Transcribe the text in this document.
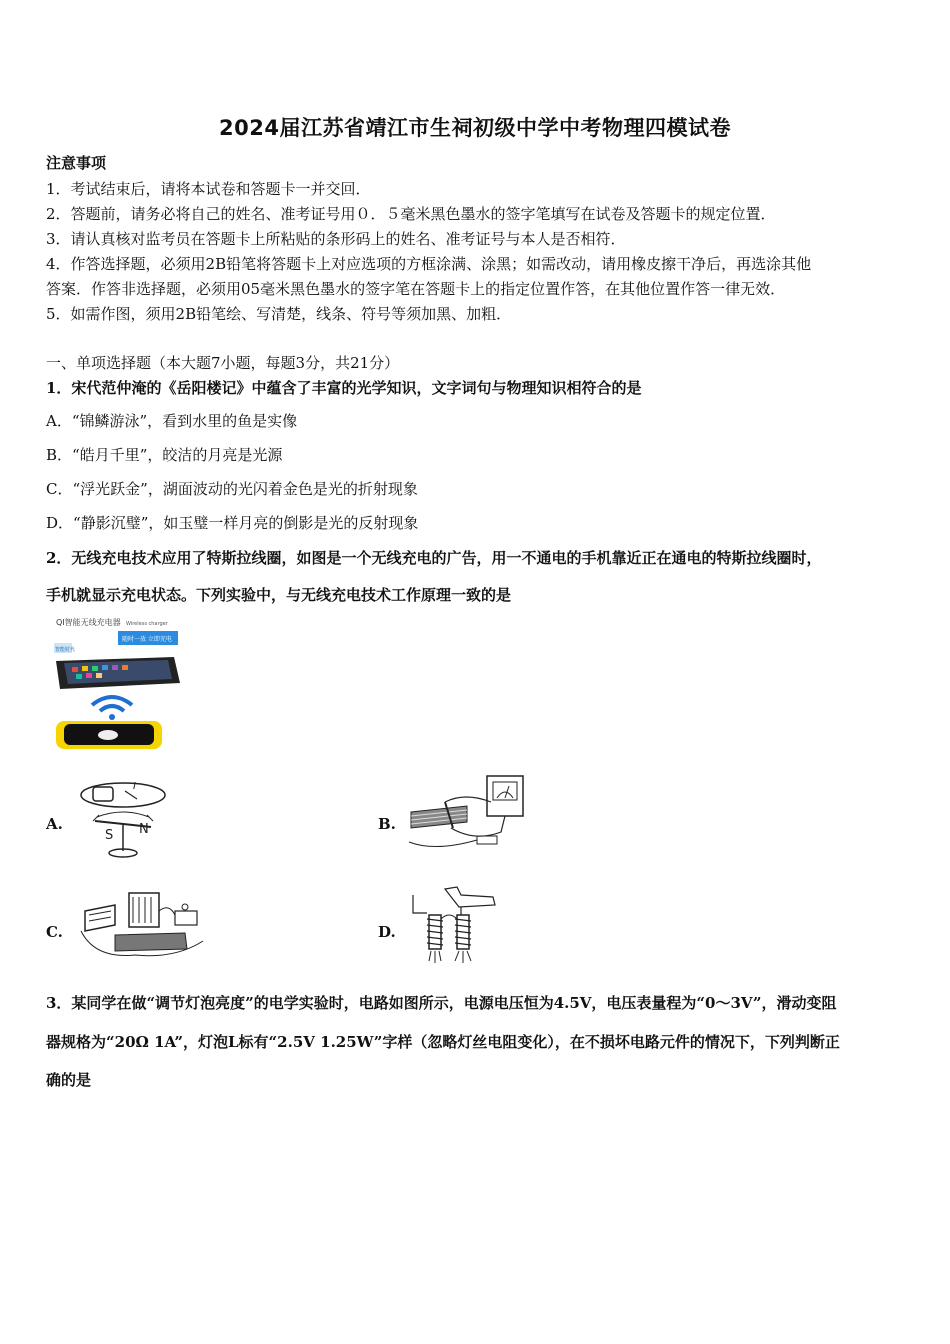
2024届江苏省靖江市生祠初级中学中考物理四模试卷
注意事项
1．考试结束后，请将本试卷和答题卡一并交回．
2．答题前，请务必将自己的姓名、准考证号用０．５毫米黑色墨水的签字笔填写在试卷及答题卡的规定位置．
3．请认真核对监考员在答题卡上所粘贴的条形码上的姓名、准考证号与本人是否相符．
4．作答选择题，必须用2B铅笔将答题卡上对应选项的方框涂满、涂黑；如需改动，请用橡皮擦干净后，再选涂其他
答案．作答非选择题，必须用05毫米黑色墨水的签字笔在答题卡上的指定位置作答，在其他位置作答一律无效．
5．如需作图，须用2B铅笔绘、写清楚，线条、符号等须加黑、加粗．
一、单项选择题（本大题7小题，每题3分，共21分）
1．宋代范仲淹的《岳阳楼记》中蕴含了丰富的光学知识，文字词句与物理知识相符合的是
A．“锦鳞游泳”，看到水里的鱼是实像
B．“皓月千里”，皎洁的月亮是光源
C．“浮光跃金”，湖面波动的光闪着金色是光的折射现象
D．“静影沉璧”，如玉璧一样月亮的倒影是光的反射现象
2．无线充电技术应用了特斯拉线圈，如图是一个无线充电的广告，用一不通电的手机靠近正在通电的特斯拉线圈时，
手机就显示充电状态。下列实验中，与无线充电技术工作原理一致的是
QI智能无线充电器 Wireless charger
随时一放 立即充电
智能时代
A.
I
S N	B.
C.	D.
3．某同学在做“调节灯泡亮度”的电学实验时，电路如图所示，电源电压恒为4.5V，电压表量程为“0～3V”，滑动变阻
器规格为“20Ω 1A”，灯泡L标有“2.5V 1.25W”字样（忽略灯丝电阻变化），在不损坏电路元件的情况下，下列判断正
确的是
